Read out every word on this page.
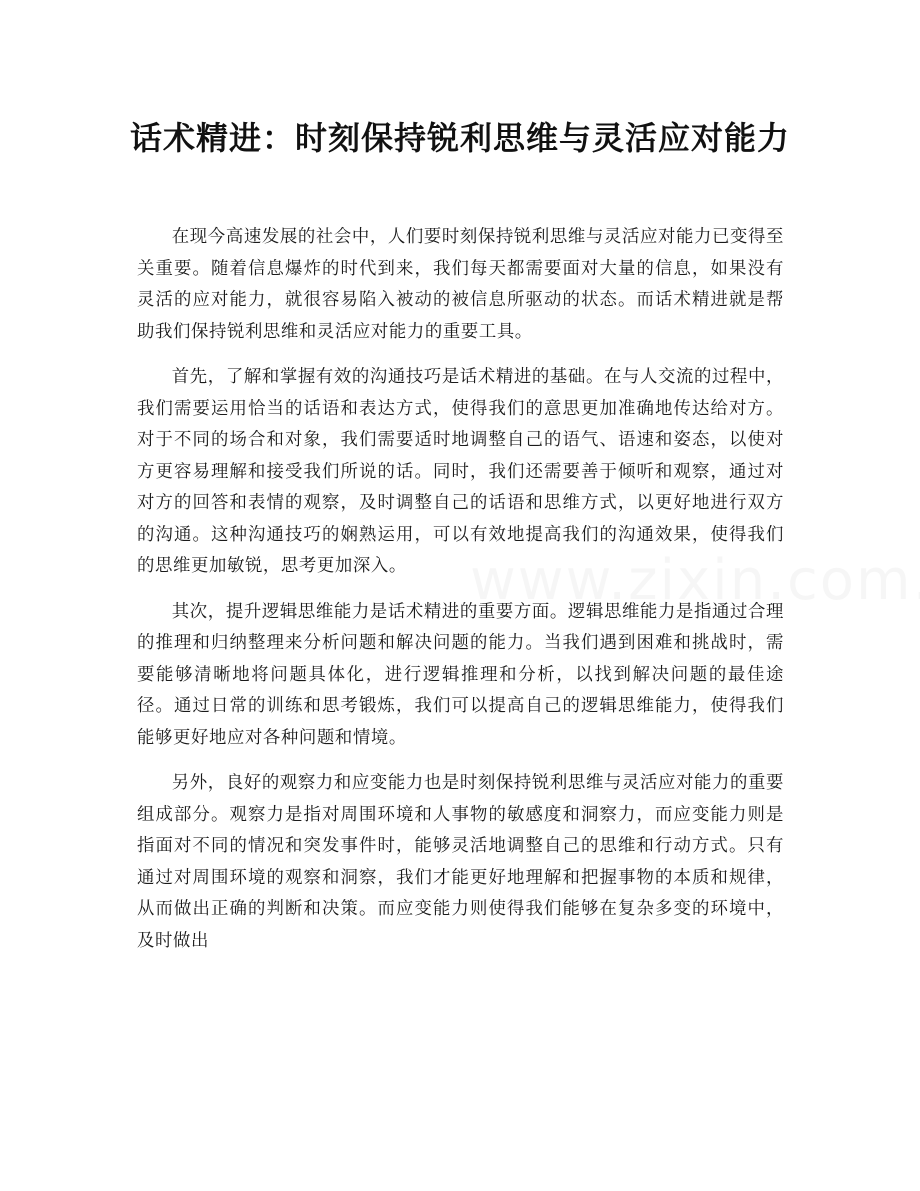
话术精进：时刻保持锐利思维与灵活应对能力

在现今高速发展的社会中，人们要时刻保持锐利思维与灵活应对能力已变得至关重要。随着信息爆炸的时代到来，我们每天都需要面对大量的信息，如果没有灵活的应对能力，就很容易陷入被动的被信息所驱动的状态。而话术精进就是帮助我们保持锐利思维和灵活应对能力的重要工具。

首先，了解和掌握有效的沟通技巧是话术精进的基础。在与人交流的过程中，我们需要运用恰当的话语和表达方式，使得我们的意思更加准确地传达给对方。对于不同的场合和对象，我们需要适时地调整自己的语气、语速和姿态，以使对方更容易理解和接受我们所说的话。同时，我们还需要善于倾听和观察，通过对对方的回答和表情的观察，及时调整自己的话语和思维方式，以更好地进行双方的沟通。这种沟通技巧的娴熟运用，可以有效地提高我们的沟通效果，使得我们的思维更加敏锐，思考更加深入。

其次，提升逻辑思维能力是话术精进的重要方面。逻辑思维能力是指通过合理的推理和归纳整理来分析问题和解决问题的能力。当我们遇到困难和挑战时，需要能够清晰地将问题具体化，进行逻辑推理和分析，以找到解决问题的最佳途径。通过日常的训练和思考锻炼，我们可以提高自己的逻辑思维能力，使得我们能够更好地应对各种问题和情境。

另外，良好的观察力和应变能力也是时刻保持锐利思维与灵活应对能力的重要组成部分。观察力是指对周围环境和人事物的敏感度和洞察力，而应变能力则是指面对不同的情况和突发事件时，能够灵活地调整自己的思维和行动方式。只有通过对周围环境的观察和洞察，我们才能更好地理解和把握事物的本质和规律，从而做出正确的判断和决策。而应变能力则使得我们能够在复杂多变的环境中，及时做出
